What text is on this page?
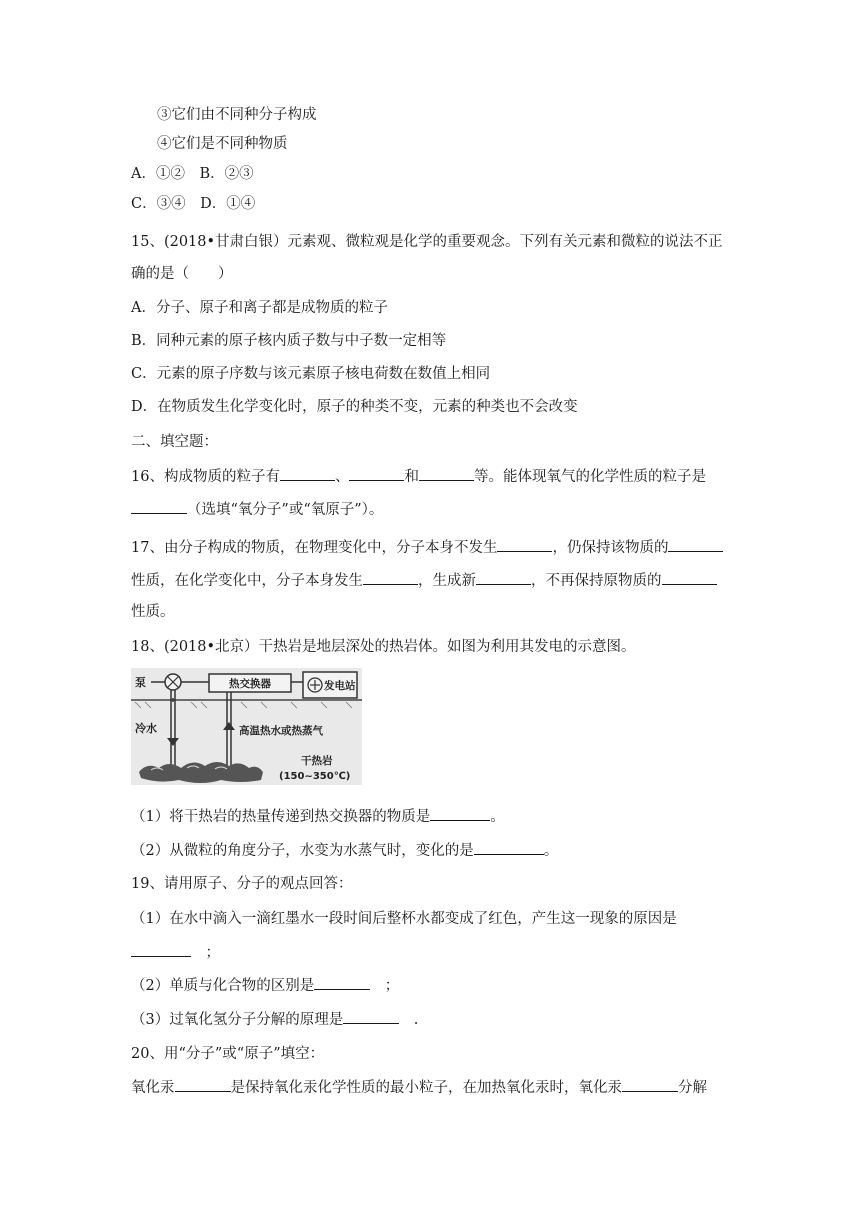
③它们由不同种分子构成
④它们是不同种物质
A．①②　B．②③
C．③④　D．①④
15、(2018•甘肃白银）元素观、微粒观是化学的重要观念。下列有关元素和微粒的说法不正
确的是（　　）
A．分子、原子和离子都是成物质的粒子
B．同种元素的原子核内质子数与中子数一定相等
C．元素的原子序数与该元素原子核电荷数在数值上相同
D．在物质发生化学变化时，原子的种类不变，元素的种类也不会改变
二、填空题：
16、构成物质的粒子有	、	和	等。能体现氧气的化学性质的粒子是
（选填“氧分子”或“氧原子”）。
17、由分子构成的物质，在物理变化中，分子本身不发生	，仍保持该物质的
性质，在化学变化中，分子本身发生	，生成新	，不再保持原物质的
性质。
18、(2018•北京）干热岩是地层深处的热岩体。如图为利用其发电的示意图。
泵	热交换器	发电站
冷水	高温热水或热蒸气
干热岩
(150~350℃)
（1）将干热岩的热量传递到热交换器的物质是	。
（2）从微粒的角度分子，水变为水蒸气时，变化的是	。
19、请用原子、分子的观点回答：
（1）在水中滴入一滴红墨水一段时间后整杯水都变成了红色，产生这一现象的原因是
　；
（2）单质与化合物的区别是	　；
（3）过氧化氢分子分解的原理是	　.
20、用“分子”或“原子”填空：
氧化汞	是保持氧化汞化学性质的最小粒子，在加热氧化汞时，氧化汞	分解
